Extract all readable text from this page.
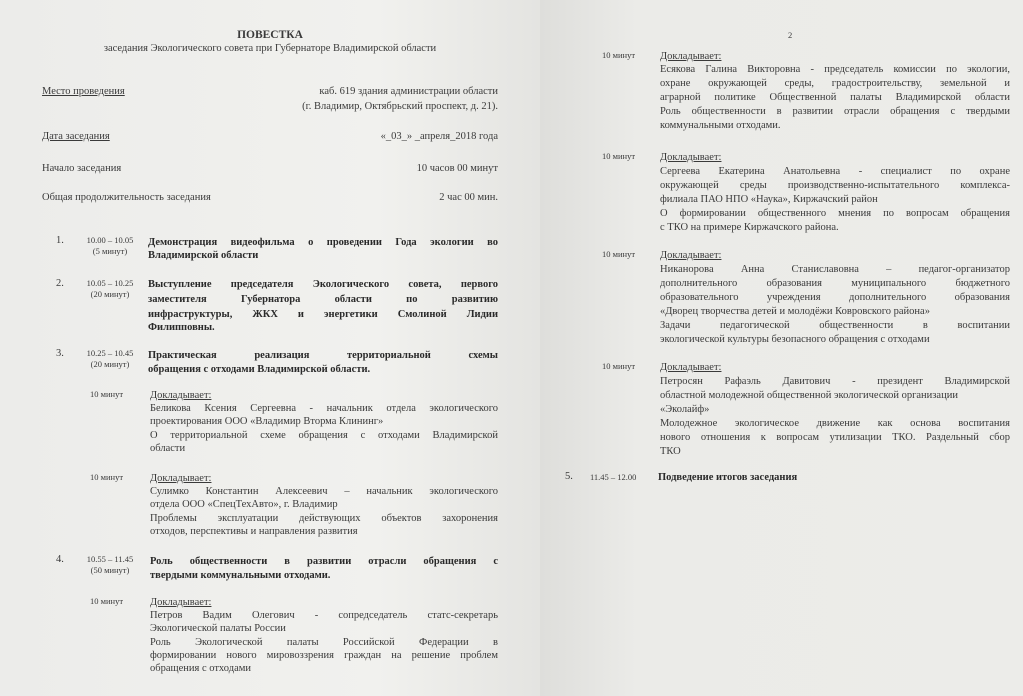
ПОВЕСТКА
заседания Экологического совета при Губернаторе Владимирской области
Место проведения	каб. 619 здания администрации области
(г. Владимир, Октябрьский проспект, д. 21).
Дата заседания	«_03_» _апреля_2018 года
Начало заседания	10 часов 00 минут
Общая продолжительность заседания	2 час 00 мин.
1.	10.00 – 10.05
(5 минут)
Демонстрация видеофильма о проведении Года экологии во
Владимирской области
2.	10.05 – 10.25
(20 минут)
Выступление председателя Экологического совета, первого
заместителя Губернатора области по развитию
инфраструктуры, ЖКХ и энергетики Смолиной Лидии
Филипповны.
3.	10.25 – 10.45
(20 минут)
Практическая реализация территориальной схемы
обращения с отходами Владимирской области.
10 минут	Докладывает:
Беликова Ксения Сергеевна - начальник отдела экологического
проектирования ООО «Владимир Вторма Клининг»
О территориальной схеме обращения с отходами Владимирской
области
10 минут	Докладывает:
Сулимко Константин Алексеевич – начальник экологического
отдела ООО «СпецТехАвто», г. Владимир
Проблемы эксплуатации действующих объектов захоронения
отходов, перспективы и направления развития
4.	10.55 – 11.45
(50 минут)
Роль общественности в развитии отрасли обращения с
твердыми коммунальными отходами.
10 минут	Докладывает:
Петров Вадим Олегович - сопредседатель статс-секретарь
Экологической палаты России
Роль Экологической палаты Российской Федерации в
формировании нового мировоззрения граждан на решение проблем
обращения с отходами
2
10 минут Докладывает:
Есякова Галина Викторовна - председатель комиссии по экологии,
охране окружающей среды, градостроительству, земельной и
аграрной политике Общественной палаты Владимирской области
Роль общественности в развитии отрасли обращения с твердыми
коммунальными отходами.
10 минут Докладывает:
Сергеева Екатерина Анатольевна - специалист по охране
окружающей среды производственно-испытательного комплекса-
филиала ПАО НПО «Наука», Киржачский район
О формировании общественного мнения по вопросам обращения
с ТКО на примере Киржачского района.
10 минут Докладывает:
Никанорова Анна Станиславовна – педагог-организатор
дополнительного образования муниципального бюджетного
образовательного учреждения дополнительного образования
«Дворец творчества детей и молодёжи Ковровского района»
Задачи педагогической общественности в воспитании
экологической культуры безопасного обращения с отходами
10 минут Докладывает:
Петросян Рафаэль Давитович - президент Владимирской
областной молодежной общественной экологической организации
«Эколайф»
Молодежное экологическое движение как основа воспитания
нового отношения к вопросам утилизации ТКО. Раздельный сбор
ТКО
5. 11.45 – 12.00 Подведение итогов заседания
